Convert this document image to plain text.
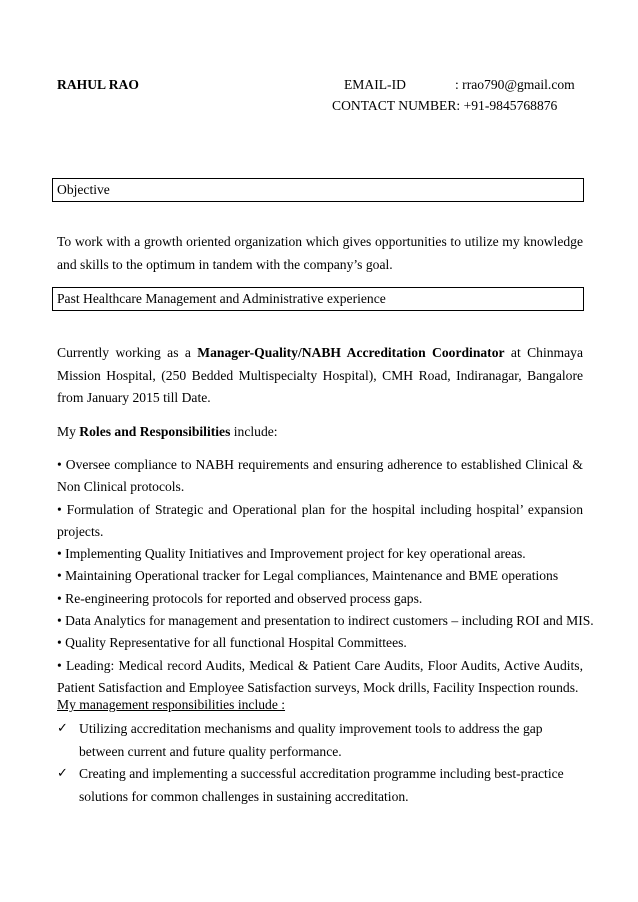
RAHUL RAO	EMAIL-ID	: rrao790@gmail.com
CONTACT NUMBER: +91-9845768876
Objective
To work with a growth oriented organization which gives opportunities to utilize my knowledge and skills to the optimum in tandem with the company’s goal.
Past Healthcare Management and Administrative experience
Currently working as a Manager-Quality/NABH Accreditation Coordinator at Chinmaya Mission Hospital, (250 Bedded Multispecialty Hospital), CMH Road, Indiranagar, Bangalore from January 2015 till Date.
My Roles and Responsibilities include:
• Oversee compliance to NABH requirements and ensuring adherence to established Clinical & Non Clinical protocols.
• Formulation of Strategic and Operational plan for the hospital including hospital’ expansion projects.
• Implementing Quality Initiatives and Improvement project for key operational areas.
• Maintaining Operational tracker for Legal compliances, Maintenance and BME operations
• Re-engineering protocols for reported and observed process gaps.
• Data Analytics for management and presentation to indirect customers – including ROI and MIS.
• Quality Representative for all functional Hospital Committees.
• Leading: Medical record Audits, Medical & Patient Care Audits, Floor Audits, Active Audits, Patient Satisfaction and Employee Satisfaction surveys, Mock drills, Facility Inspection rounds.
My management responsibilities include :
✓ Utilizing accreditation mechanisms and quality improvement tools to address the gap between current and future quality performance.
✓ Creating and implementing a successful accreditation programme including best-practice solutions for common challenges in sustaining accreditation.
